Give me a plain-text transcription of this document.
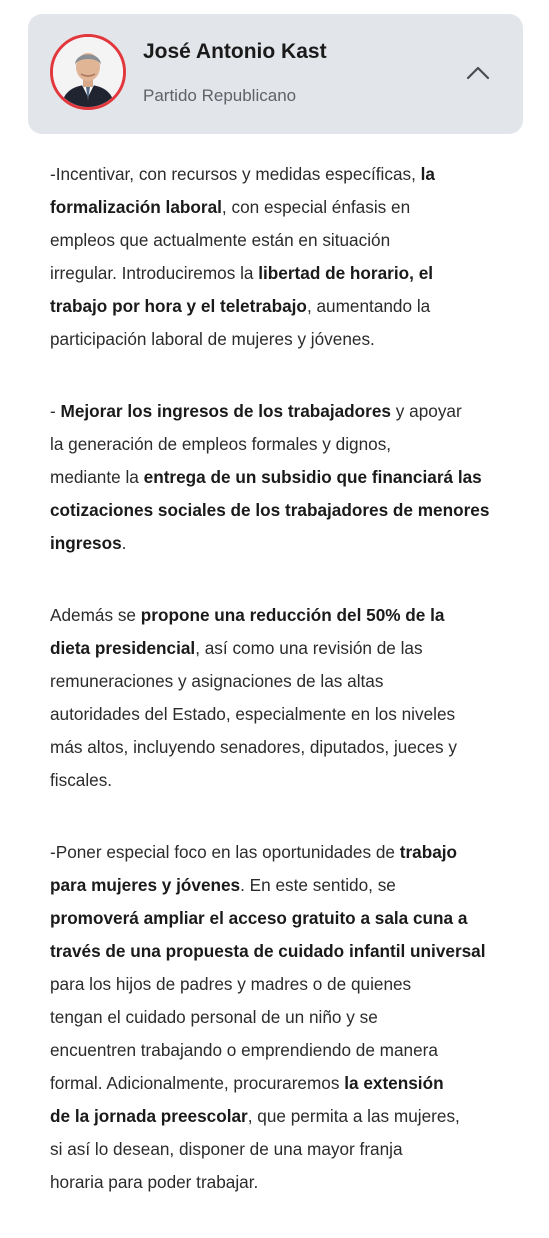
José Antonio Kast
Partido Republicano
-Incentivar, con recursos y medidas específicas, la
formalización laboral, con especial énfasis en
empleos que actualmente están en situación
irregular. Introduciremos la libertad de horario, el
trabajo por hora y el teletrabajo, aumentando la
participación laboral de mujeres y jóvenes.
- Mejorar los ingresos de los trabajadores y apoyar
la generación de empleos formales y dignos,
mediante la entrega de un subsidio que financiará las
cotizaciones sociales de los trabajadores de menores
ingresos.
Además se propone una reducción del 50% de la
dieta presidencial, así como una revisión de las
remuneraciones y asignaciones de las altas
autoridades del Estado, especialmente en los niveles
más altos, incluyendo senadores, diputados, jueces y
fiscales.
-Poner especial foco en las oportunidades de trabajo
para mujeres y jóvenes. En este sentido, se
promoverá ampliar el acceso gratuito a sala cuna a
través de una propuesta de cuidado infantil universal
para los hijos de padres y madres o de quienes
tengan el cuidado personal de un niño y se
encuentren trabajando o emprendiendo de manera
formal. Adicionalmente, procuraremos la extensión
de la jornada preescolar, que permita a las mujeres,
si así lo desean, disponer de una mayor franja
horaria para poder trabajar.
